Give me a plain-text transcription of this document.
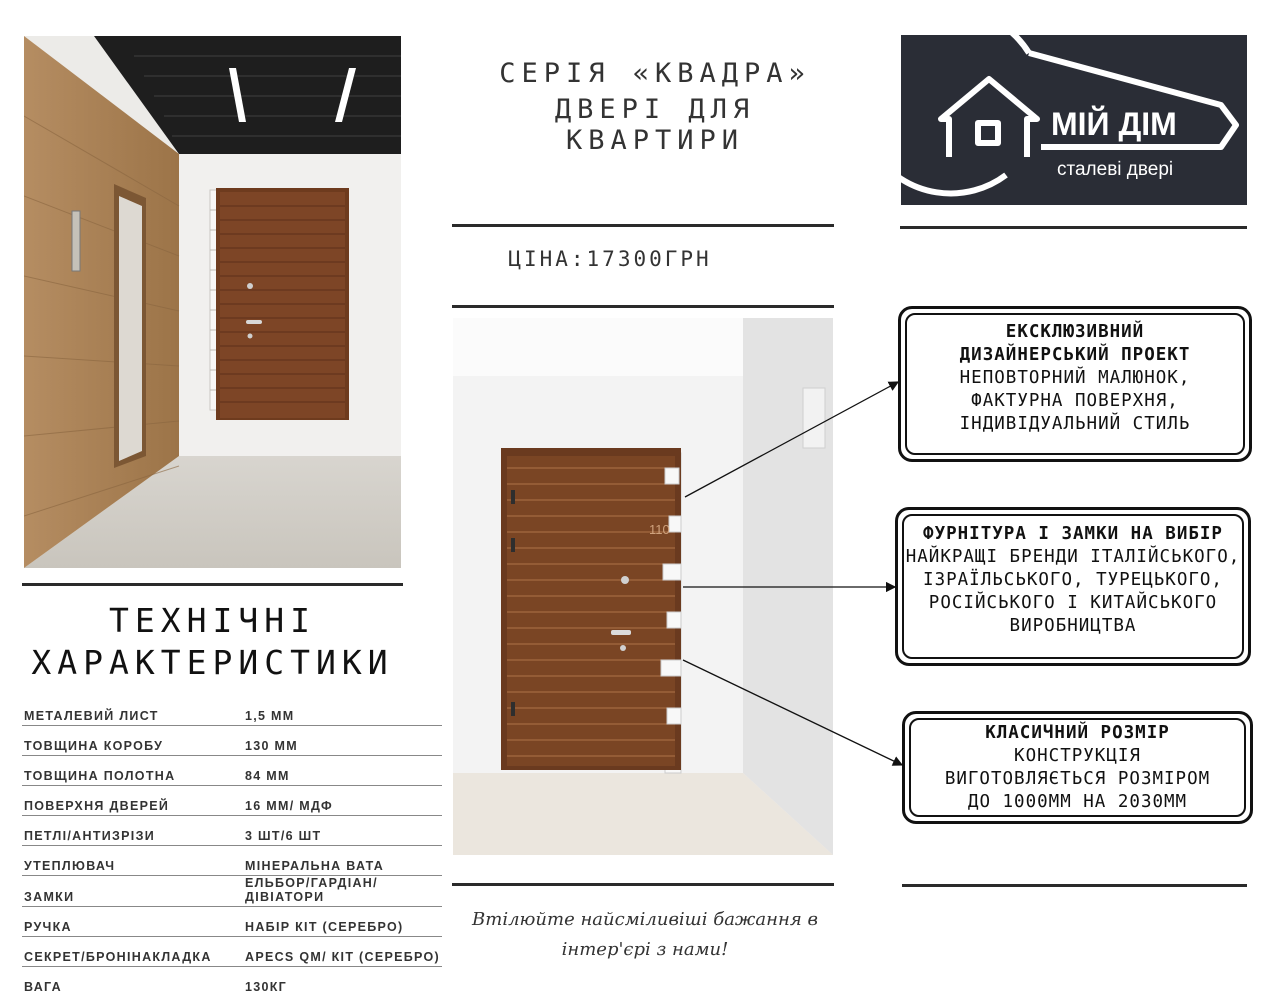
СЕРІЯ «КВАДРА»
ДВЕРІ ДЛЯ КВАРТИРИ
ЦІНА:17300ГРН
МІЙ ДІМ
сталеві двері
110
ТЕХНІЧНІ
ХАРАКТЕРИСТИКИ
МЕТАЛЕВИЙ ЛИСТ	1,5 ММ
ТОВЩИНА КОРОБУ	130 ММ
ТОВЩИНА ПОЛОТНА	84 ММ
ПОВЕРХНЯ ДВЕРЕЙ	16 ММ/ МДФ
ПЕТЛІ/АНТИЗРІЗИ	3 ШТ/6 ШТ
УТЕПЛЮВАЧ	МІНЕРАЛЬНА ВАТА
ЗАМКИ	ЕЛЬБОР/ГАРДІАН/ДІВІАТОРИ
РУЧКА	НАБІР КІТ (СЕРЕБРО)
СЕКРЕТ/БРОНІНАКЛАДКА	APECS QM/ КІТ (СЕРЕБРО)
ВАГА	130КГ
ЕКСКЛЮЗИВНИЙ
ДИЗАЙНЕРСЬКИЙ ПРОЕКТ
НЕПОВТОРНИЙ МАЛЮНОК,
ФАКТУРНА ПОВЕРХНЯ,
ІНДИВІДУАЛЬНИЙ СТИЛЬ
ФУРНІТУРА І ЗАМКИ НА ВИБІР
НАЙКРАЩІ БРЕНДИ ІТАЛІЙСЬКОГО,
ІЗРАЇЛЬСЬКОГО, ТУРЕЦЬКОГО,
РОСІЙСЬКОГО І КИТАЙСЬКОГО
ВИРОБНИЦТВА
КЛАСИЧНИЙ РОЗМІР
КОНСТРУКЦІЯ
ВИГОТОВЛЯЄТЬСЯ РОЗМІРОМ
ДО 1000ММ НА 2030ММ
Втілюйте найсміливіші бажання в
інтер'єрі з нами!
